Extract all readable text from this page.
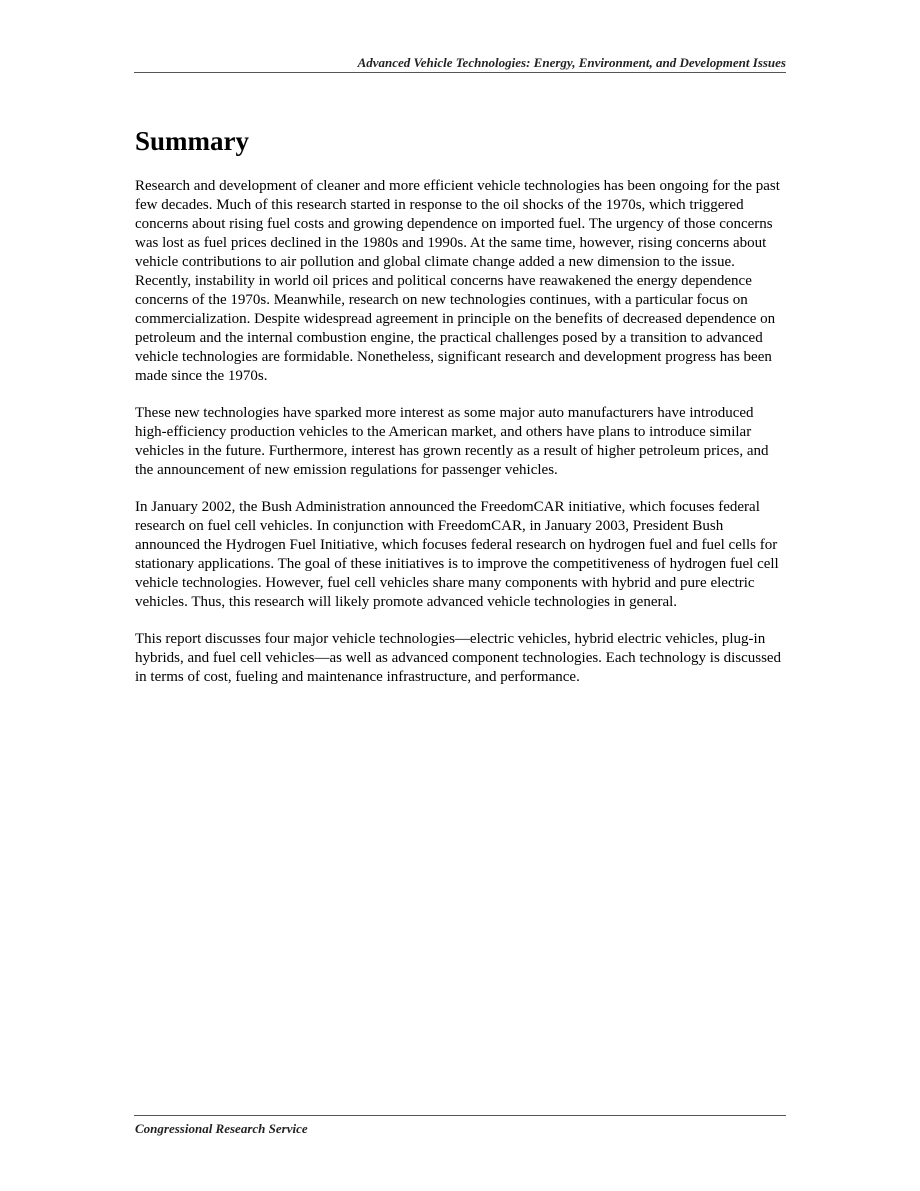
Advanced Vehicle Technologies: Energy, Environment, and Development Issues
Summary

Research and development of cleaner and more efficient vehicle technologies has been ongoing for the past few decades. Much of this research started in response to the oil shocks of the 1970s, which triggered concerns about rising fuel costs and growing dependence on imported fuel. The urgency of those concerns was lost as fuel prices declined in the 1980s and 1990s. At the same time, however, rising concerns about vehicle contributions to air pollution and global climate change added a new dimension to the issue. Recently, instability in world oil prices and political concerns have reawakened the energy dependence concerns of the 1970s. Meanwhile, research on new technologies continues, with a particular focus on commercialization. Despite widespread agreement in principle on the benefits of decreased dependence on petroleum and the internal combustion engine, the practical challenges posed by a transition to advanced vehicle technologies are formidable. Nonetheless, significant research and development progress has been made since the 1970s.

These new technologies have sparked more interest as some major auto manufacturers have introduced high-efficiency production vehicles to the American market, and others have plans to introduce similar vehicles in the future. Furthermore, interest has grown recently as a result of higher petroleum prices, and the announcement of new emission regulations for passenger vehicles.

In January 2002, the Bush Administration announced the FreedomCAR initiative, which focuses federal research on fuel cell vehicles. In conjunction with FreedomCAR, in January 2003, President Bush announced the Hydrogen Fuel Initiative, which focuses federal research on hydrogen fuel and fuel cells for stationary applications. The goal of these initiatives is to improve the competitiveness of hydrogen fuel cell vehicle technologies. However, fuel cell vehicles share many components with hybrid and pure electric vehicles. Thus, this research will likely promote advanced vehicle technologies in general.

This report discusses four major vehicle technologies—electric vehicles, hybrid electric vehicles, plug-in hybrids, and fuel cell vehicles—as well as advanced component technologies. Each technology is discussed in terms of cost, fueling and maintenance infrastructure, and performance.

Congressional Research Service
